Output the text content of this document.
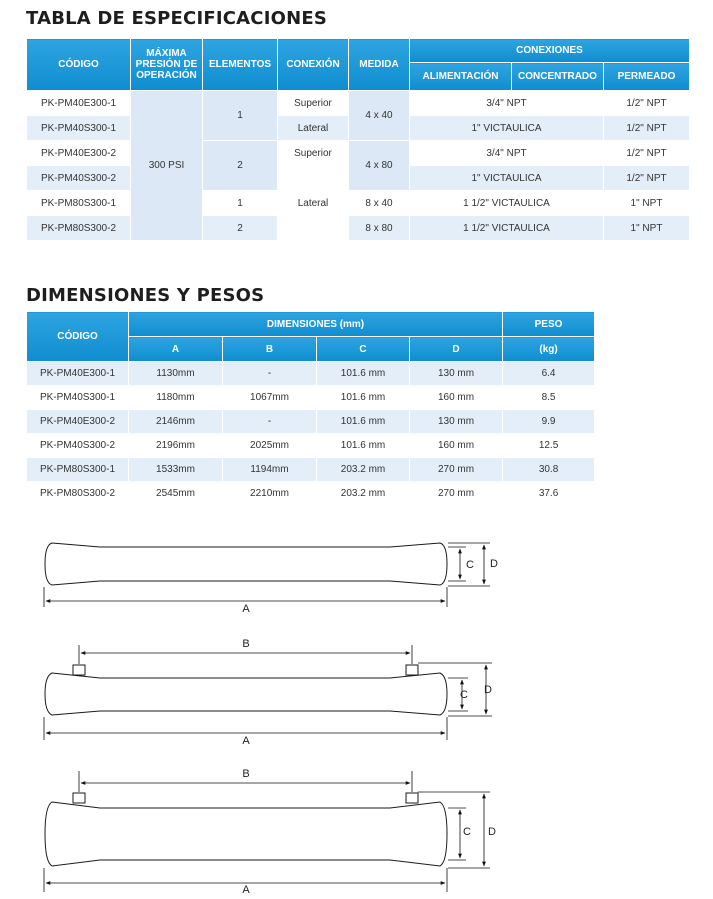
TABLA DE ESPECIFICACIONES
CÓDIGO	MÁXIMA
PRESIÓN DE
OPERACIÓN	ELEMENTOS	CONEXIÓN	MEDIDA	CONEXIONES		
					ALIMENTACIÓN	CONCENTRADO	PERMEADO
PK-PM40E300-1	300 PSI	1	Superior	4 x 40	3/4" NPT		1/2" NPT
PK-PM40S300-1			Lateral		1" VICTAULICA		1/2" NPT
PK-PM40E300-2		2	Superior	4 x 80	3/4" NPT		1/2" NPT
PK-PM40S300-2			Lateral		1" VICTAULICA		1/2" NPT
PK-PM80S300-1		1		8 x 40	1 1/2" VICTAULICA		1" NPT
PK-PM80S300-2		2		8 x 80	1 1/2" VICTAULICA		1" NPT
DIMENSIONES Y PESOS
CÓDIGO	DIMENSIONES (mm)				PESO
	A	B	C	D	(kg)
PK-PM40E300-1	1130mm	-	101.6 mm	130 mm	6.4
PK-PM40S300-1	1180mm	1067mm	101.6 mm	160 mm	8.5
PK-PM40E300-2	2146mm	-	101.6 mm	130 mm	9.9
PK-PM40S300-2	2196mm	2025mm	101.6 mm	160 mm	12.5
PK-PM80S300-1	1533mm	1194mm	203.2 mm	270 mm	30.8
PK-PM80S300-2	2545mm	2210mm	203.2 mm	270 mm	37.6
A
C D
B
A
C D
B
A
C D
